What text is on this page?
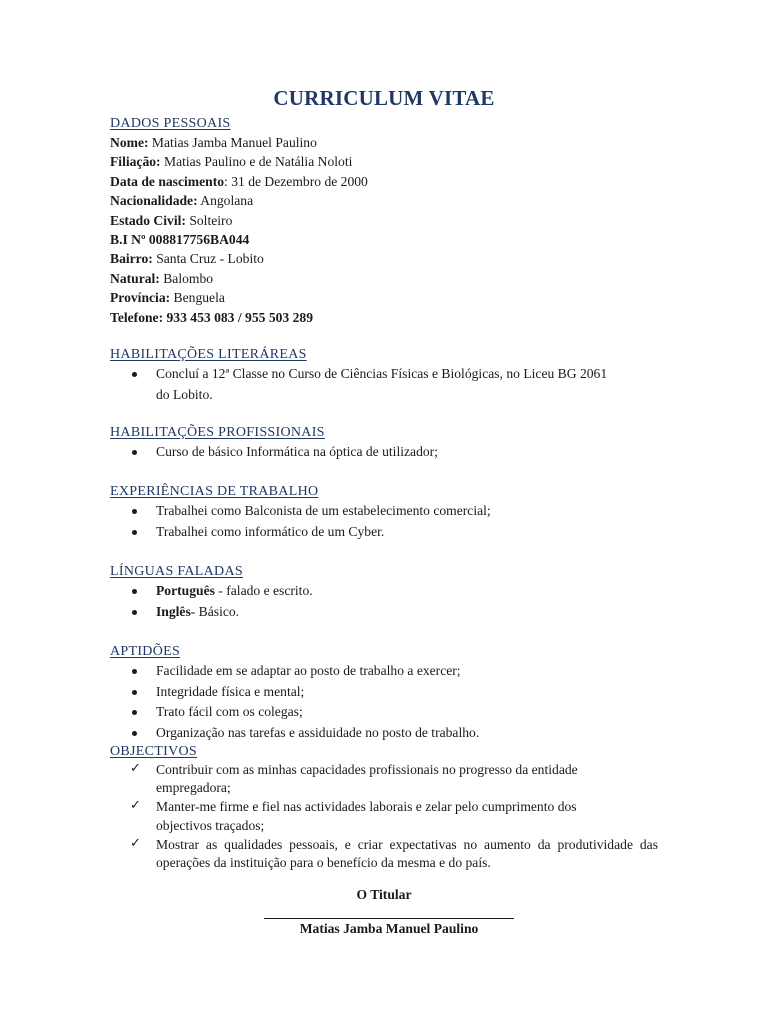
CURRICULUM VITAE
DADOS PESSOAIS
Nome: Matias Jamba Manuel Paulino
Filiação: Matias Paulino e de Natália Noloti
Data de nascimento: 31 de Dezembro de 2000
Nacionalidade: Angolana
Estado Civil: Solteiro
B.I Nº 008817756BA044
Bairro: Santa Cruz - Lobito
Natural: Balombo
Província: Benguela
Telefone: 933 453 083 / 955 503 289
HABILITAÇÕES LITERÁREAS
Concluí a 12ª Classe no Curso de Ciências Físicas e Biológicas, no Liceu BG 2061 do Lobito.
HABILITAÇÕES PROFISSIONAIS
Curso de básico Informática na óptica de utilizador;
EXPERIÊNCIAS DE TRABALHO
Trabalhei como Balconista de um estabelecimento comercial;
Trabalhei como informático de um Cyber.
LÍNGUAS FALADAS
Português - falado e escrito.
Inglês- Básico.
APTIDÕES
Facilidade em se adaptar ao posto de trabalho a exercer;
Integridade física e mental;
Trato fácil com os colegas;
Organização nas tarefas e assiduidade no posto de trabalho.
OBJECTIVOS
✓ Contribuir com as minhas capacidades profissionais no progresso da entidade empregadora;
✓ Manter-me firme e fiel nas actividades laborais e zelar pelo cumprimento dos objectivos traçados;
✓ Mostrar as qualidades pessoais, e criar expectativas no aumento da produtividade das operações da instituição para o benefício da mesma e do país.
O Titular
Matias Jamba Manuel Paulino
